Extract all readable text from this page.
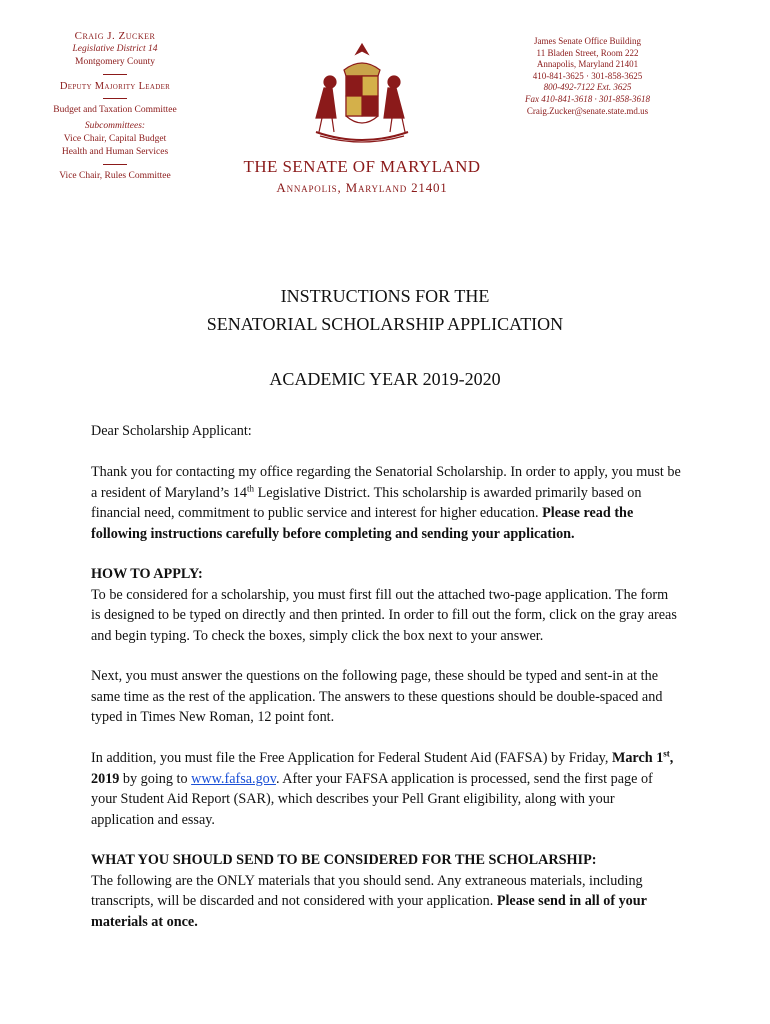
Craig J. Zucker
Legislative District 14
Montgomery County
Deputy Majority Leader
Budget and Taxation Committee
Subcommittees:
Vice Chair, Capital Budget
Health and Human Services
Vice Chair, Rules Committee	THE SENATE OF MARYLAND
Annapolis, Maryland 21401
James Senate Office Building
11 Bladen Street, Room 222
Annapolis, Maryland 21401
410-841-3625 · 301-858-3625
800-492-7122 Ext. 3625
Fax 410-841-3618 · 301-858-3618
Craig.Zucker@senate.state.md.us
INSTRUCTIONS FOR THE
SENATORIAL SCHOLARSHIP APPLICATION
ACADEMIC YEAR 2019-2020
Dear Scholarship Applicant:

Thank you for contacting my office regarding the Senatorial Scholarship. In order to apply, you must be a resident of Maryland’s 14th Legislative District. This scholarship is awarded primarily based on financial need, commitment to public service and interest for higher education. Please read the following instructions carefully before completing and sending your application.

HOW TO APPLY:

To be considered for a scholarship, you must first fill out the attached two-page application. The form is designed to be typed on directly and then printed. In order to fill out the form, click on the gray areas and begin typing. To check the boxes, simply click the box next to your answer.

Next, you must answer the questions on the following page, these should be typed and sent-in at the same time as the rest of the application. The answers to these questions should be double-spaced and typed in Times New Roman, 12 point font.

In addition, you must file the Free Application for Federal Student Aid (FAFSA) by Friday, March 1st, 2019 by going to www.fafsa.gov. After your FAFSA application is processed, send the first page of your Student Aid Report (SAR), which describes your Pell Grant eligibility, along with your application and essay.

WHAT YOU SHOULD SEND TO BE CONSIDERED FOR THE SCHOLARSHIP:

The following are the ONLY materials that you should send. Any extraneous materials, including transcripts, will be discarded and not considered with your application. Please send in all of your materials at once.
